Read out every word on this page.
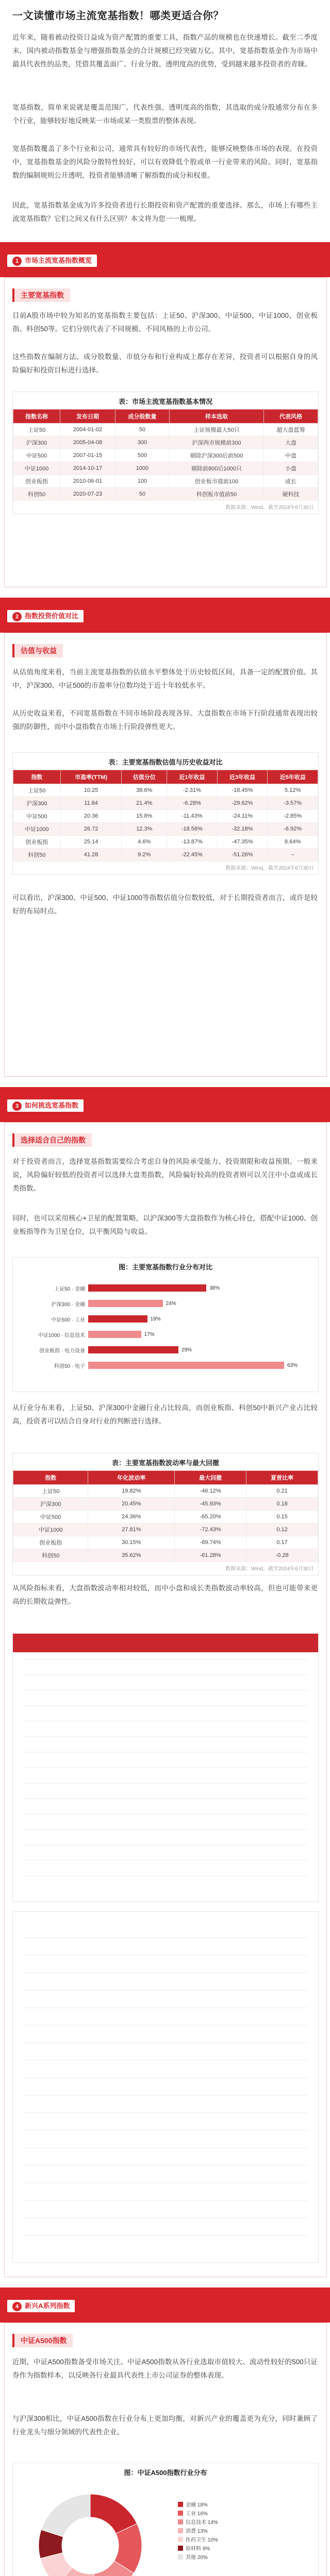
一文读懂市场主流宽基指数！哪类更适合你？
近年来，随着被动投资日益成为资产配置的重要工具，指数产品的规模也在快速增长。截至二季度末，国内被动指数基金与增强指数基金的合计规模已经突破万亿。其中，宽基指数基金作为市场中最具代表性的品类，凭借其覆盖面广、行业分散、透明度高的优势，受到越来越多投资者的青睐。
宽基指数，简单来说就是覆盖范围广、代表性强、透明度高的指数，其选取的成分股通常分布在多个行业，能够较好地反映某一市场或某一类股票的整体表现。
宽基指数覆盖了多个行业和公司，通常具有较好的市场代表性，能够反映整体市场的表现。在投资中，宽基指数基金的风险分散特性较好，可以有效降低个股或单一行业带来的风险。同时，宽基指数的编制规则公开透明，投资者能够清晰了解指数的成分和权重。
因此，宽基指数基金成为许多投资者进行长期投资和资产配置的重要选择。那么，市场上有哪些主流宽基指数？它们之间又有什么区别？本文将为您一一梳理。
1 市场主流宽基指数概览
主要宽基指数
目前A股市场中较为知名的宽基指数主要包括：上证50、沪深300、中证500、中证1000、创业板指、科创50等。它们分别代表了不同规模、不同风格的上市公司。
这些指数在编制方法、成分股数量、市值分布和行业构成上都存在差异，投资者可以根据自身的风险偏好和投资目标进行选择。
表：市场主流宽基指数基本情况
指数名称	发布日期	成分股数量	样本选取	代表风格
上证50	2004-01-02	50	上证规模最大50只	超大盘蓝筹
沪深300	2005-04-08	300	沪深两市规模前300	大盘
中证500	2007-01-15	500	剔除沪深300后前500	中盘
中证1000	2014-10-17	1000	剔除前800后1000只	小盘
创业板指	2010-06-01	100	创业板市值前100	成长
科创50	2020-07-23	50	科创板市值前50	硬科技
数据来源：Wind，截至2024年6月30日
2 指数投资价值对比
估值与收益
从估值角度来看，当前主流宽基指数的估值水平整体处于历史较低区间，具备一定的配置价值。其中，沪深300、中证500的市盈率分位数均处于近十年较低水平。
从历史收益来看，不同宽基指数在不同市场阶段表现各异。大盘指数在市场下行阶段通常表现出较强的防御性，而中小盘指数在市场上行阶段弹性更大。
表：主要宽基指数估值与历史收益对比
指数	市盈率(TTM)	估值分位	近1年收益	近3年收益	近5年收益
上证50	10.25	38.6%	-2.31%	-18.45%	5.12%
沪深300	11.84	21.4%	-6.28%	-29.62%	-3.57%
中证500	20.36	15.8%	-11.43%	-24.11%	-2.85%
中证1000	26.72	12.3%	-18.56%	-32.18%	-6.92%
创业板指	25.14	4.6%	-13.87%	-47.35%	8.64%
科创50	41.28	9.2%	-22.45%	-51.26%	--
数据来源：Wind，截至2024年6月30日
可以看出，沪深300、中证500、中证1000等指数估值分位数较低，对于长期投资者而言，或许是较好的布局时点。
3 如何挑选宽基指数
选择适合自己的指数
对于投资者而言，选择宽基指数需要综合考虑自身的风险承受能力、投资期限和收益预期。一般来说，风险偏好较低的投资者可以选择大盘类指数，风险偏好较高的投资者则可以关注中小盘或成长类指数。
同时，也可以采用核心+卫星的配置策略，以沪深300等大盘指数作为核心持仓，搭配中证1000、创业板指等作为卫星仓位，以平衡风险与收益。
图：主要宽基指数行业分布对比
上证50 · 金融	38%
沪深300 · 金融	24%
中证500 · 工业	19%
中证1000 · 信息技术	17%
创业板指 · 电力设备	29%
科创50 · 电子	63%
从行业分布来看，上证50、沪深300中金融行业占比较高，而创业板指、科创50中新兴产业占比较高，投资者可以结合自身对行业的判断进行选择。
表：主要宽基指数波动率与最大回撤
指数	年化波动率	最大回撤	夏普比率
上证50	19.82%	-46.12%	0.21
沪深300	20.45%	-45.93%	0.18
中证500	24.36%	-65.20%	0.15
中证1000	27.81%	-72.43%	0.12
创业板指	30.15%	-69.74%	0.17
科创50	35.62%	-61.28%	-0.28
数据来源：Wind，截至2024年6月30日
从风险指标来看，大盘指数波动率相对较低，而中小盘和成长类指数波动率较高，但也可能带来更高的长期收益弹性。
4 新兴A系列指数
中证A500指数
近期，中证A500指数备受市场关注。中证A500指数从各行业选取市值较大、流动性较好的500只证券作为指数样本，以反映各行业最具代表性上市公司证券的整体表现。
与沪深300相比，中证A500指数在行业分布上更加均衡，对新兴产业的覆盖更为充分，同时兼顾了行业龙头与细分领域的代表性企业。
图：中证A500指数行业分布
金融 18%
工业 16%
信息技术 14%
消费 13%
医药卫生 10%
原材料 9%
其他 20%
